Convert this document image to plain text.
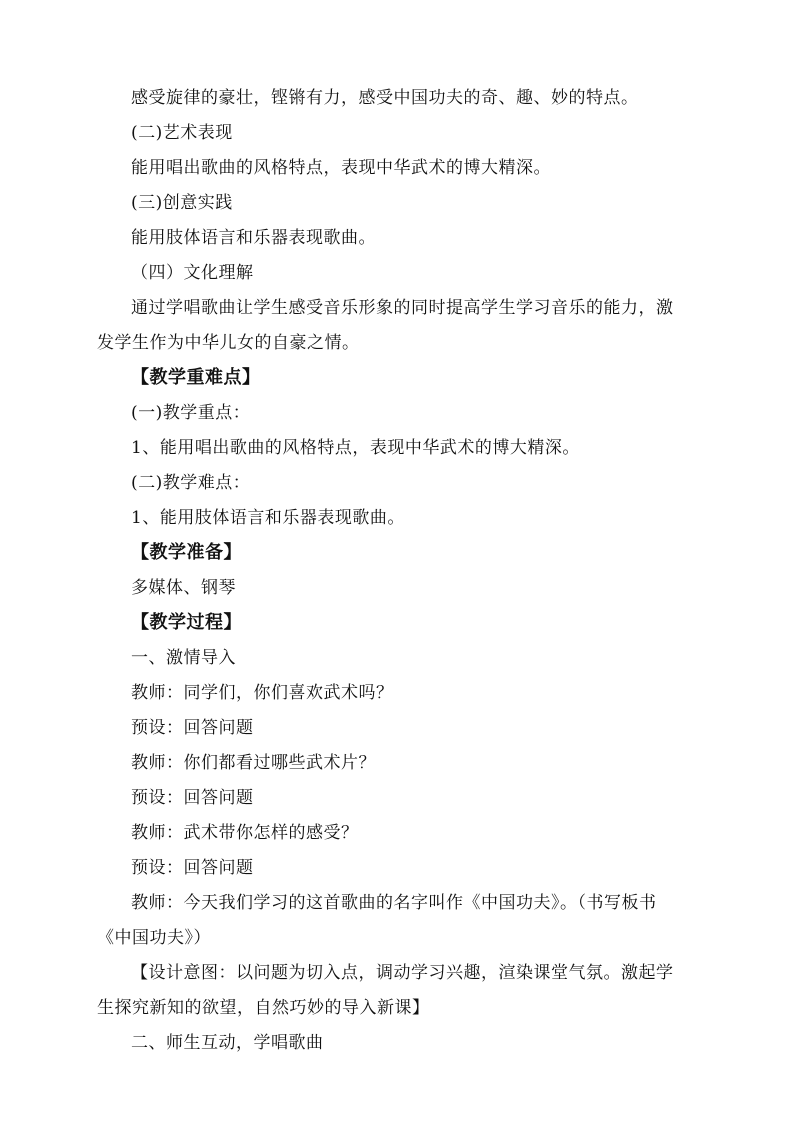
感受旋律的豪壮，铿锵有力，感受中国功夫的奇、趣、妙的特点。
(二)艺术表现
能用唱出歌曲的风格特点，表现中华武术的博大精深。
(三)创意实践
能用肢体语言和乐器表现歌曲。
（四）文化理解
通过学唱歌曲让学生感受音乐形象的同时提高学生学习音乐的能力，激
发学生作为中华儿女的自豪之情。
【教学重难点】
(一)教学重点：
1、能用唱出歌曲的风格特点，表现中华武术的博大精深。
(二)教学难点：
1、能用肢体语言和乐器表现歌曲。
【教学准备】
多媒体、钢琴
【教学过程】
一、激情导入
教师：同学们，你们喜欢武术吗？
预设：回答问题
教师：你们都看过哪些武术片？
预设：回答问题
教师：武术带你怎样的感受？
预设：回答问题
教师：今天我们学习的这首歌曲的名字叫作《中国功夫》。（书写板书
《中国功夫》）
【设计意图：以问题为切入点，调动学习兴趣，渲染课堂气氛。激起学
生探究新知的欲望，自然巧妙的导入新课】
二、师生互动，学唱歌曲
